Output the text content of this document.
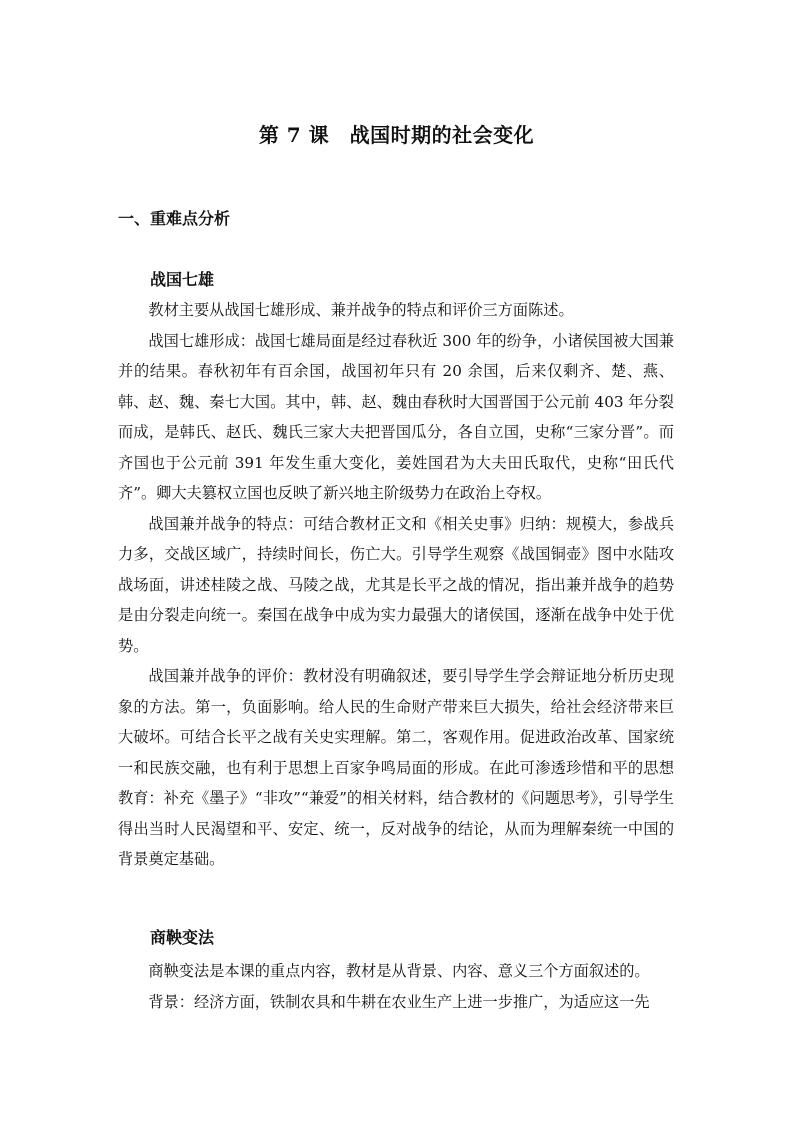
第 7 课　战国时期的社会变化
一、重难点分析
战国七雄

教材主要从战国七雄形成、兼并战争的特点和评价三方面陈述。

战国七雄形成：战国七雄局面是经过春秋近 300 年的纷争，小诸侯国被大国兼并的结果。春秋初年有百余国，战国初年只有 20 余国，后来仅剩齐、楚、燕、韩、赵、魏、秦七大国。其中，韩、赵、魏由春秋时大国晋国于公元前 403 年分裂而成，是韩氏、赵氏、魏氏三家大夫把晋国瓜分，各自立国，史称“三家分晋”。而齐国也于公元前 391 年发生重大变化，姜姓国君为大夫田氏取代，史称“田氏代齐”。卿大夫篡权立国也反映了新兴地主阶级势力在政治上夺权。

战国兼并战争的特点：可结合教材正文和《相关史事》归纳：规模大，参战兵力多，交战区域广，持续时间长，伤亡大。引导学生观察《战国铜壶》图中水陆攻战场面，讲述桂陵之战、马陵之战，尤其是长平之战的情况，指出兼并战争的趋势是由分裂走向统一。秦国在战争中成为实力最强大的诸侯国，逐渐在战争中处于优势。

战国兼并战争的评价：教材没有明确叙述，要引导学生学会辩证地分析历史现象的方法。第一，负面影响。给人民的生命财产带来巨大损失，给社会经济带来巨大破坏。可结合长平之战有关史实理解。第二，客观作用。促进政治改革、国家统一和民族交融，也有利于思想上百家争鸣局面的形成。在此可渗透珍惜和平的思想教育：补充《墨子》“非攻”“兼爱”的相关材料，结合教材的《问题思考》，引导学生得出当时人民渴望和平、安定、统一，反对战争的结论，从而为理解秦统一中国的背景奠定基础。

商鞅变法

商鞅变法是本课的重点内容，教材是从背景、内容、意义三个方面叙述的。

背景：经济方面，铁制农具和牛耕在农业生产上进一步推广，为适应这一先
